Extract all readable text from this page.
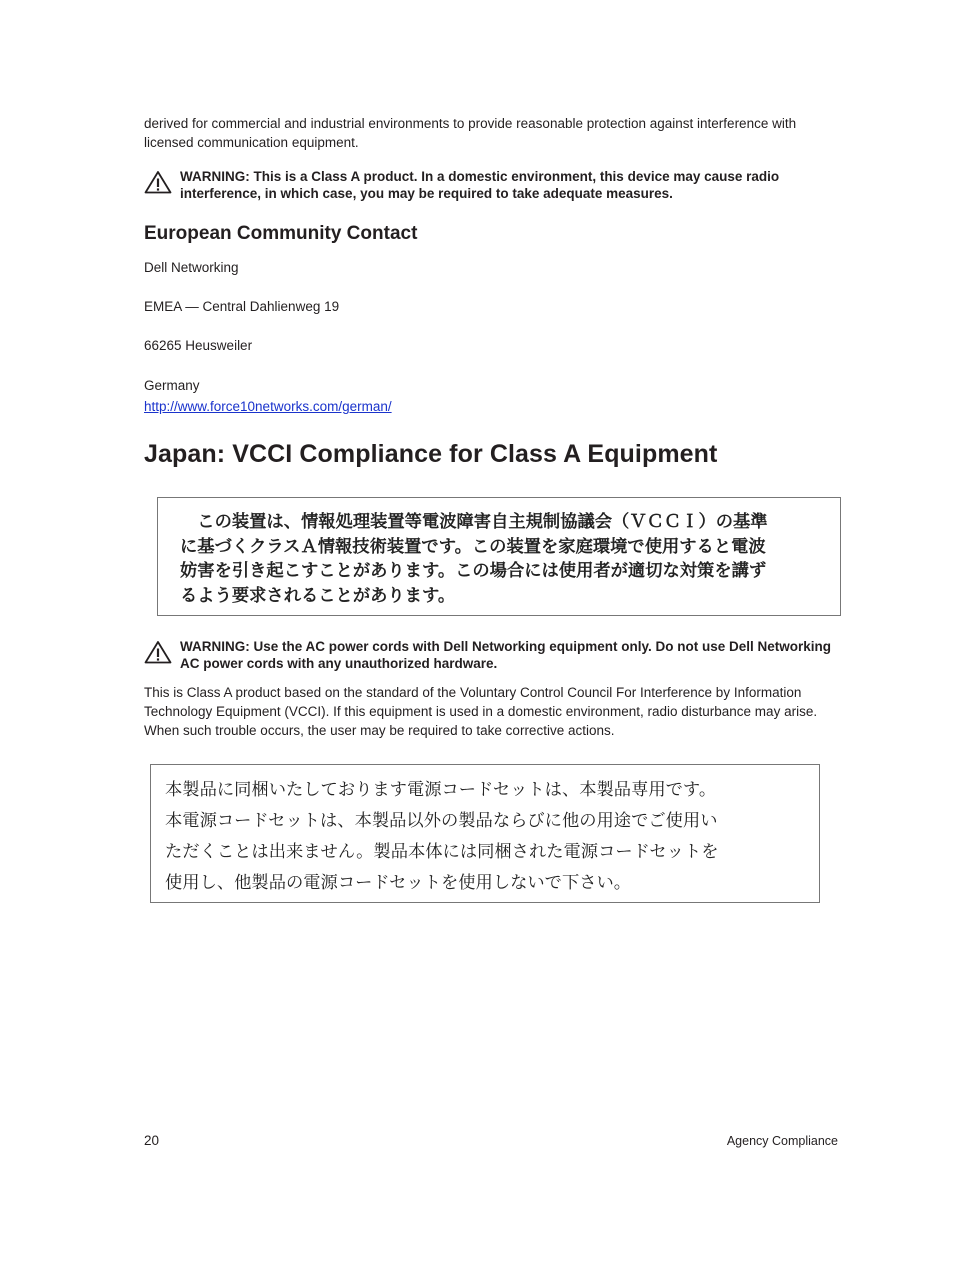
derived for commercial and industrial environments to provide reasonable protection against interference with licensed communication equipment.

WARNING: This is a Class A product. In a domestic environment, this device may cause radio interference, in which case, you may be required to take adequate measures.
European Community Contact

Dell Networking

EMEA — Central Dahlienweg 19

66265 Heusweiler

Germany

http://www.force10networks.com/german/
Japan: VCCI Compliance for Class A Equipment
　この装置は、情報処理装置等電波障害自主規制協議会（ＶＣＣＩ）の基準
に基づくクラスＡ情報技術装置です。この装置を家庭環境で使用すると電波
妨害を引き起こすことがあります。この場合には使用者が適切な対策を講ず
るよう要求されることがあります。
WARNING: Use the AC power cords with Dell Networking equipment only. Do not use Dell Networking AC power cords with any unauthorized hardware.

This is Class A product based on the standard of the Voluntary Control Council For Interference by Information Technology Equipment (VCCI). If this equipment is used in a domestic environment, radio disturbance may arise. When such trouble occurs, the user may be required to take corrective actions.

本製品に同梱いたしております電源コードセットは、本製品専用です。
本電源コードセットは、本製品以外の製品ならびに他の用途でご使用い
ただくことは出来ません。製品本体には同梱された電源コードセットを
使用し、他製品の電源コードセットを使用しないで下さい。
20	Agency Compliance
